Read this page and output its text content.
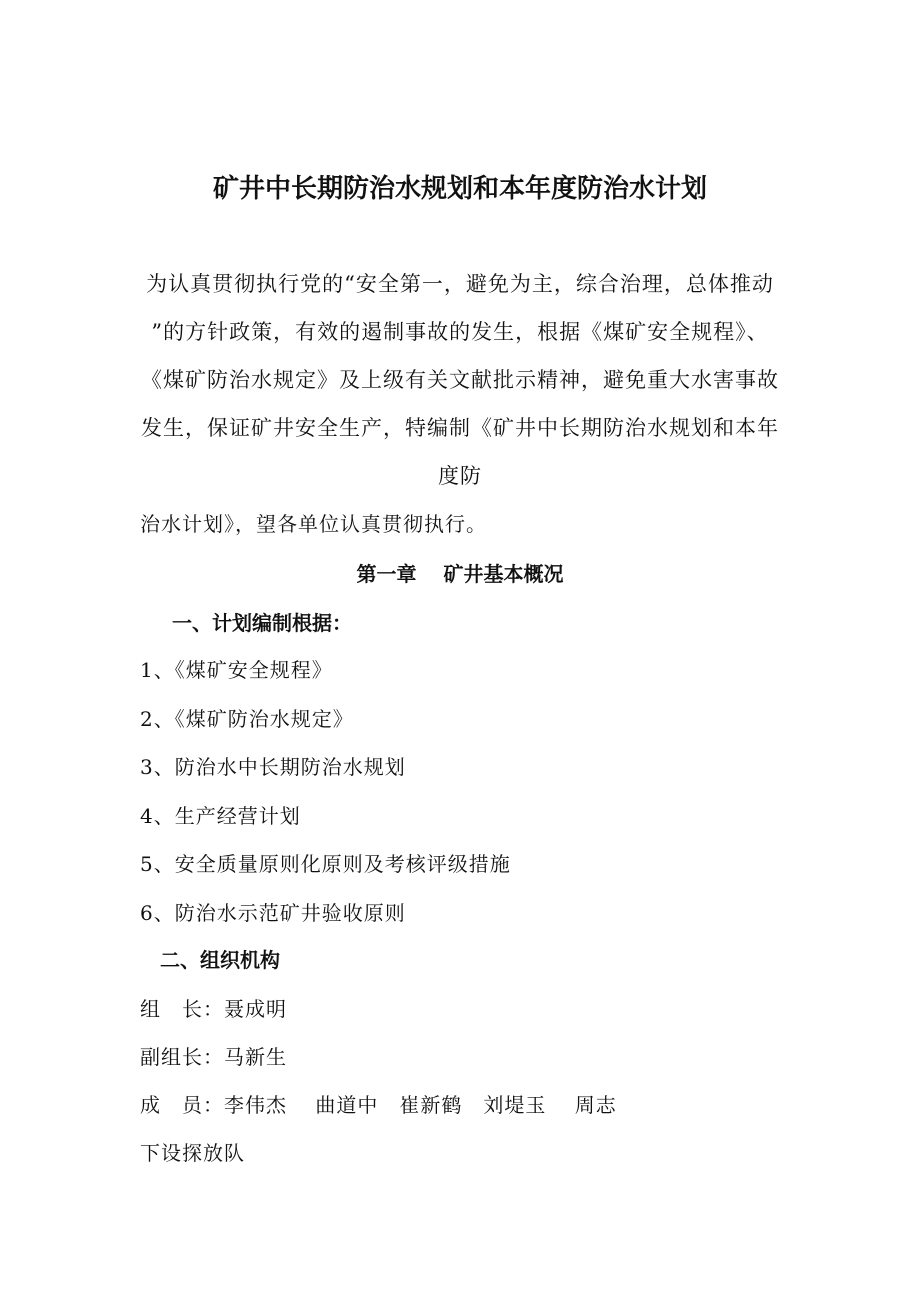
矿井中长期防治水规划和本年度防治水计划
为认真贯彻执行党的“安全第一，避免为主，综合治理，总体推动
”的方针政策，有效的遏制事故的发生，根据《煤矿安全规程》、
《煤矿防治水规定》及上级有关文献批示精神，避免重大水害事故
发生，保证矿井安全生产，特编制《矿井中长期防治水规划和本年
度防
治水计划》，望各单位认真贯彻执行。
第一章　 矿井基本概况
一、计划编制根据：
1、《煤矿安全规程》
2、《煤矿防治水规定》
3、防治水中长期防治水规划
4、生产经营计划
5、安全质量原则化原则及考核评级措施
6、防治水示范矿井验收原则
二、组织机构
组　长：聂成明
副组长：马新生
成　员：李伟杰　 曲道中　崔新鹤　刘堤玉　 周志
下设探放队
